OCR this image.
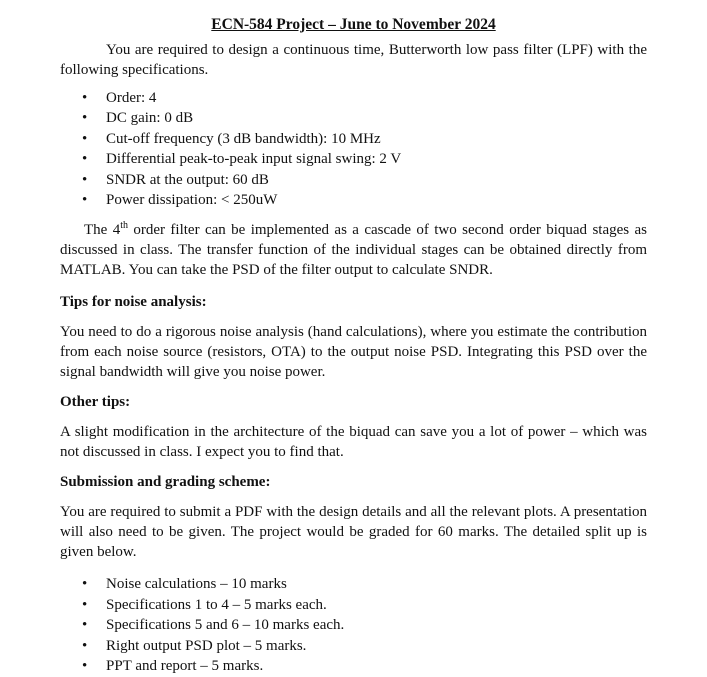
ECN-584 Project – June to November 2024

You are required to design a continuous time, Butterworth low pass filter (LPF) with the following specifications.

• Order: 4
• DC gain: 0 dB
• Cut-off frequency (3 dB bandwidth): 10 MHz
• Differential peak-to-peak input signal swing: 2 V
• SNDR at the output: 60 dB
• Power dissipation: < 250uW

The 4th order filter can be implemented as a cascade of two second order biquad stages as discussed in class. The transfer function of the individual stages can be obtained directly from MATLAB. You can take the PSD of the filter output to calculate SNDR.

Tips for noise analysis:

You need to do a rigorous noise analysis (hand calculations), where you estimate the contribution from each noise source (resistors, OTA) to the output noise PSD. Integrating this PSD over the signal bandwidth will give you noise power.

Other tips:

A slight modification in the architecture of the biquad can save you a lot of power – which was not discussed in class. I expect you to find that.

Submission and grading scheme:

You are required to submit a PDF with the design details and all the relevant plots. A presentation will also need to be given. The project would be graded for 60 marks. The detailed split up is given below.

• Noise calculations – 10 marks
• Specifications 1 to 4 – 5 marks each.
• Specifications 5 and 6 – 10 marks each.
• Right output PSD plot – 5 marks.
• PPT and report – 5 marks.
